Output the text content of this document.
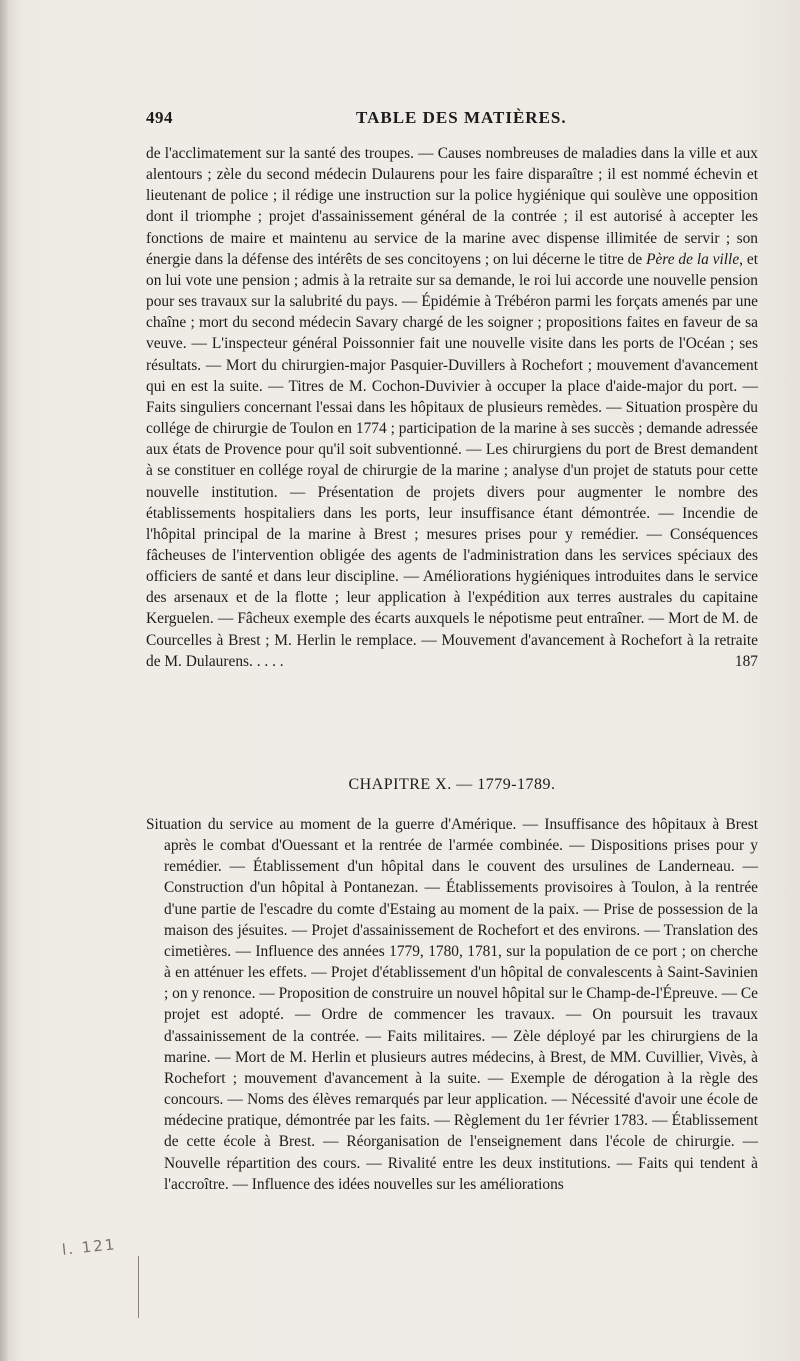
494	TABLE DES MATIÈRES.

de l'acclimatement sur la santé des troupes. — Causes nombreuses de maladies dans la ville et aux alentours ; zèle du second médecin Dulaurens pour les faire disparaître ; il est nommé échevin et lieutenant de police ; il rédige une instruction sur la police hygiénique qui soulève une opposition dont il triomphe ; projet d'assainissement général de la contrée ; il est autorisé à accepter les fonctions de maire et maintenu au service de la marine avec dispense illimitée de servir ; son énergie dans la défense des intérêts de ses concitoyens ; on lui décerne le titre de Père de la ville, et on lui vote une pension ; admis à la retraite sur sa demande, le roi lui accorde une nouvelle pension pour ses travaux sur la salubrité du pays. — Épidémie à Trébéron parmi les forçats amenés par une chaîne ; mort du second médecin Savary chargé de les soigner ; propositions faites en faveur de sa veuve. — L'inspecteur général Poissonnier fait une nouvelle visite dans les ports de l'Océan ; ses résultats. — Mort du chirurgien-major Pasquier-Duvillers à Rochefort ; mouvement d'avancement qui en est la suite. — Titres de M. Cochon-Duvivier à occuper la place d'aide-major du port. — Faits singuliers concernant l'essai dans les hôpitaux de plusieurs remèdes. — Situation prospère du collége de chirurgie de Toulon en 1774 ; participation de la marine à ses succès ; demande adressée aux états de Provence pour qu'il soit subventionné. — Les chirurgiens du port de Brest demandent à se constituer en collége royal de chirurgie de la marine ; analyse d'un projet de statuts pour cette nouvelle institution. — Présentation de projets divers pour augmenter le nombre des établissements hospitaliers dans les ports, leur insuffisance étant démontrée. — Incendie de l'hôpital principal de la marine à Brest ; mesures prises pour y remédier. — Conséquences fâcheuses de l'intervention obligée des agents de l'administration dans les services spéciaux des officiers de santé et dans leur discipline. — Améliorations hygiéniques introduites dans le service des arsenaux et de la flotte ; leur application à l'expédition aux terres australes du capitaine Kerguelen. — Fâcheux exemple des écarts auxquels le népotisme peut entraîner. — Mort de M. de Courcelles à Brest ; M. Herlin le remplace. — Mouvement d'avancement à Rochefort à la retraite de M. Dulaurens. . . . .	187

CHAPITRE X. — 1779-1789.

Situation du service au moment de la guerre d'Amérique. — Insuffisance des hôpitaux à Brest après le combat d'Ouessant et la rentrée de l'armée combinée. — Dispositions prises pour y remédier. — Établissement d'un hôpital dans le couvent des ursulines de Landerneau. — Construction d'un hôpital à Pontanezan. — Établissements provisoires à Toulon, à la rentrée d'une partie de l'escadre du comte d'Estaing au moment de la paix. — Prise de possession de la maison des jésuites. — Projet d'assainissement de Rochefort et des environs. — Translation des cimetières. — Influence des années 1779, 1780, 1781, sur la population de ce port ; on cherche à en atténuer les effets. — Projet d'établissement d'un hôpital de convalescents à Saint-Savinien ; on y renonce. — Proposition de construire un nouvel hôpital sur le Champ-de-l'Épreuve. — Ce projet est adopté. — Ordre de commencer les travaux. — On poursuit les travaux d'assainissement de la contrée. — Faits militaires. — Zèle déployé par les chirurgiens de la marine. — Mort de M. Herlin et plusieurs autres médecins, à Brest, de MM. Cuvillier, Vivès, à Rochefort ; mouvement d'avancement à la suite. — Exemple de dérogation à la règle des concours. — Noms des élèves remarqués par leur application. — Nécessité d'avoir une école de médecine pratique, démontrée par les faits. — Règlement du 1er février 1783. — Établissement de cette école à Brest. — Réorganisation de l'enseignement dans l'école de chirurgie. — Nouvelle répartition des cours. — Rivalité entre les deux institutions. — Faits qui tendent à l'accroître. — Influence des idées nouvelles sur les améliorations

l. 121
